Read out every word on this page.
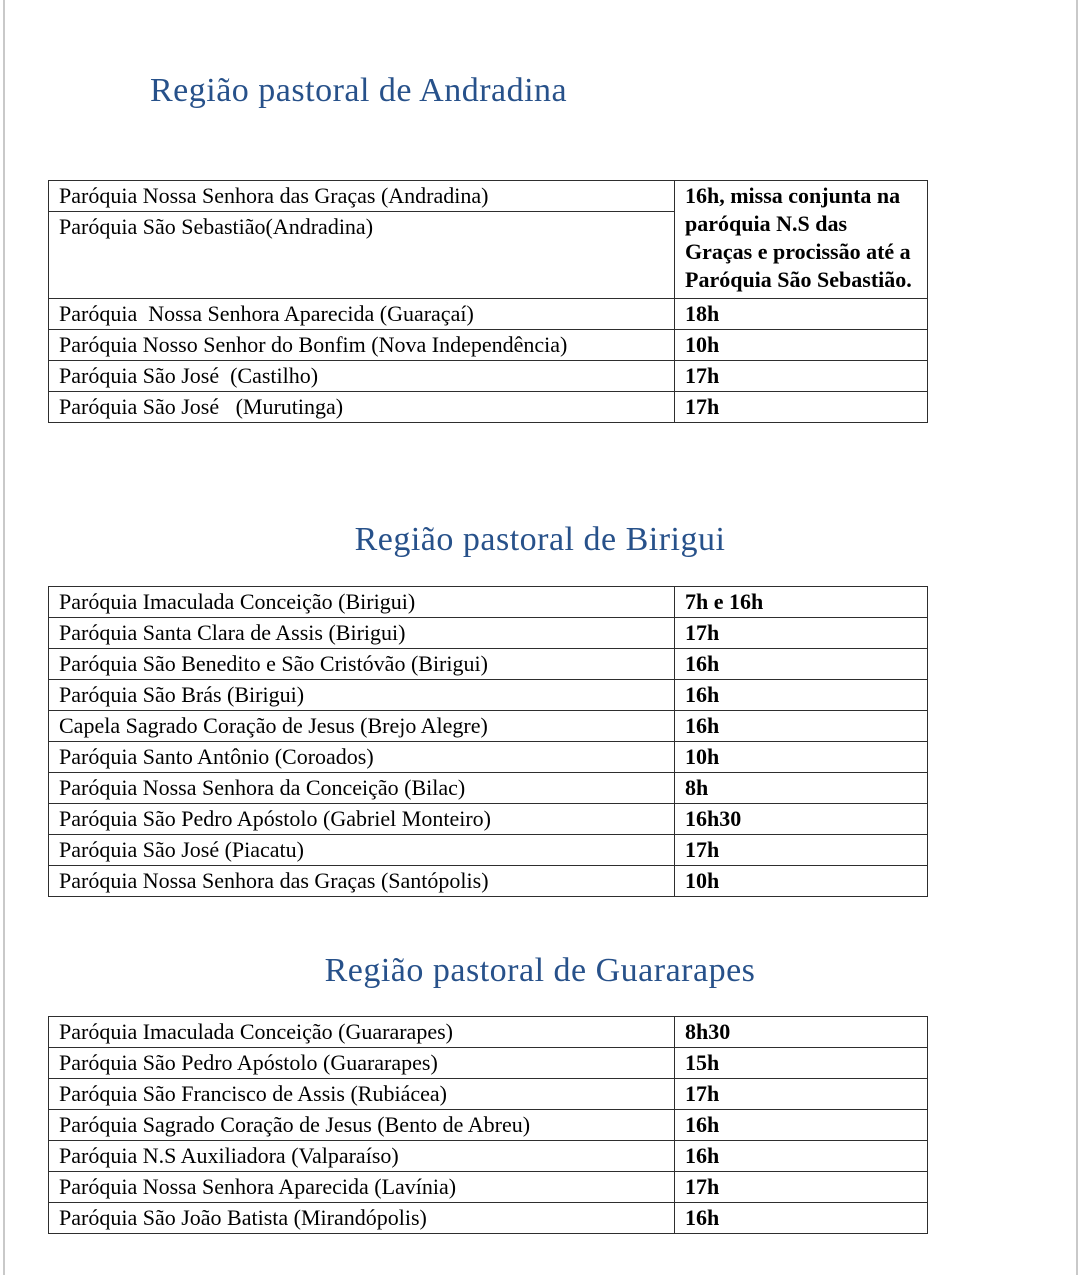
Região pastoral de Andradina
Paróquia Nossa Senhora das Graças (Andradina)	16h, missa conjunta na paróquia N.S das Graças e procissão até a Paróquia São Sebastião.
Paróquia São Sebastião(Andradina)	
Paróquia  Nossa Senhora Aparecida (Guaraçaí)	18h
Paróquia Nosso Senhor do Bonfim (Nova Independência)	10h
Paróquia São José  (Castilho)	17h
Paróquia São José   (Murutinga)	17h
Região pastoral de Birigui
Paróquia Imaculada Conceição (Birigui)	7h e 16h
Paróquia Santa Clara de Assis (Birigui)	17h
Paróquia São Benedito e São Cristóvão (Birigui)	16h
Paróquia São Brás (Birigui)	16h
Capela Sagrado Coração de Jesus (Brejo Alegre)	16h
Paróquia Santo Antônio (Coroados)	10h
Paróquia Nossa Senhora da Conceição (Bilac)	8h
Paróquia São Pedro Apóstolo (Gabriel Monteiro)	16h30
Paróquia São José (Piacatu)	17h
Paróquia Nossa Senhora das Graças (Santópolis)	10h
Região pastoral de Guararapes
Paróquia Imaculada Conceição (Guararapes)	8h30
Paróquia São Pedro Apóstolo (Guararapes)	15h
Paróquia São Francisco de Assis (Rubiácea)	17h
Paróquia Sagrado Coração de Jesus (Bento de Abreu)	16h
Paróquia N.S Auxiliadora (Valparaíso)	16h
Paróquia Nossa Senhora Aparecida (Lavínia)	17h
Paróquia São João Batista (Mirandópolis)	16h
